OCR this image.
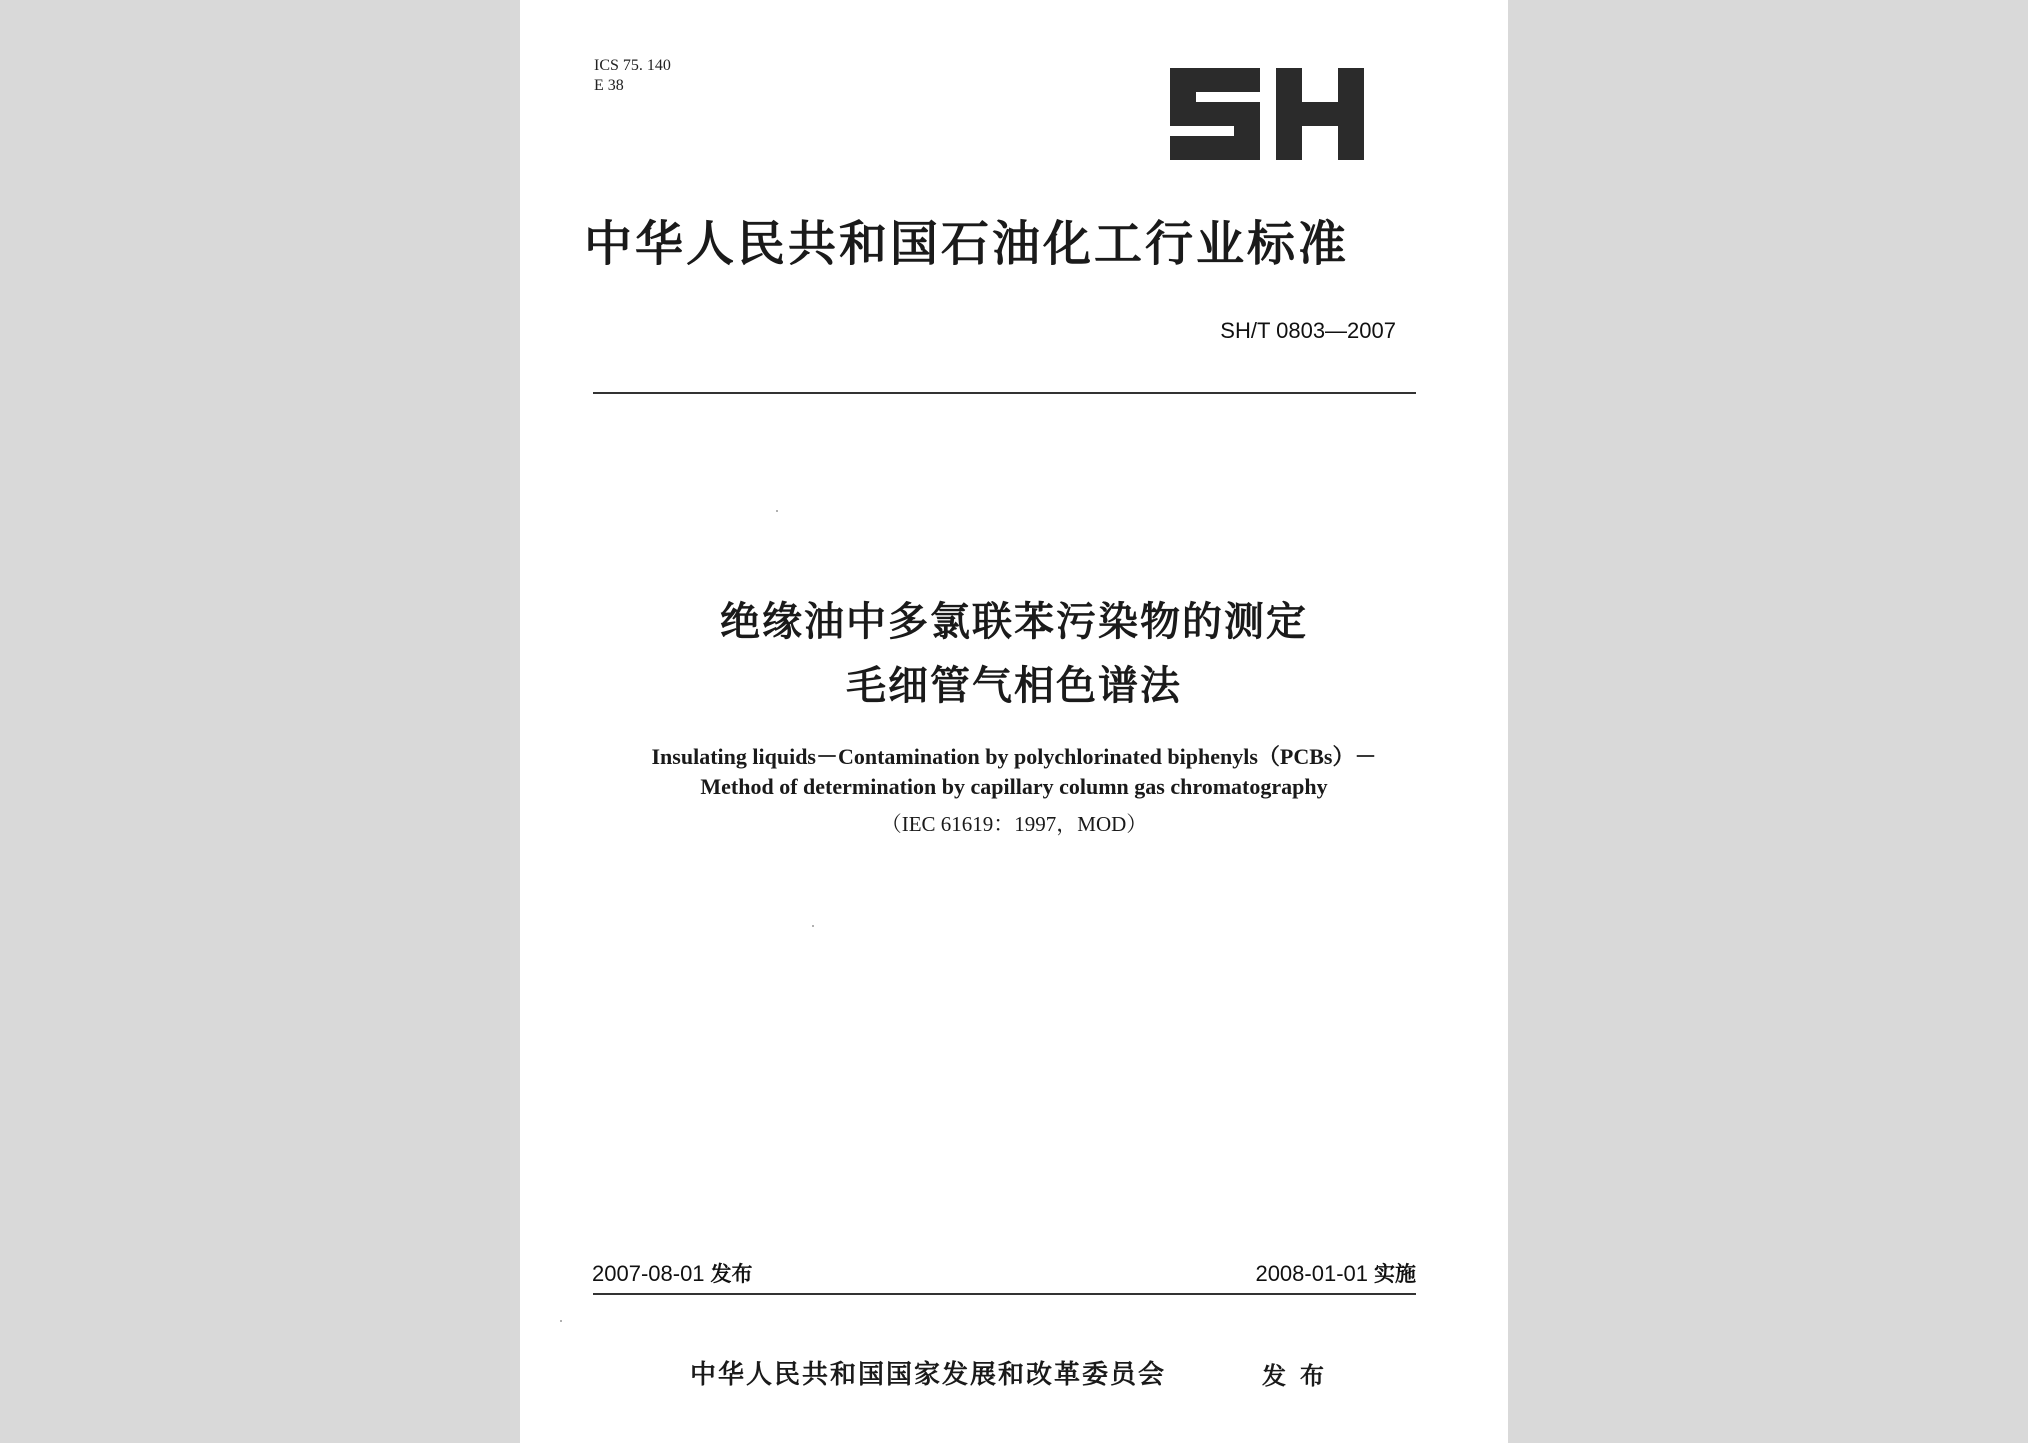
ICS 75. 140
E 38
中华人民共和国石油化工行业标准
SH/T 0803—2007
绝缘油中多氯联苯污染物的测定
毛细管气相色谱法
Insulating liquids－Contamination by polychlorinated biphenyls（PCBs）－
Method of determination by capillary column gas chromatography
（IEC 61619：1997，MOD）
2007-08-01 发布	2008-01-01 实施
中华人民共和国国家发展和改革委员会	发布
